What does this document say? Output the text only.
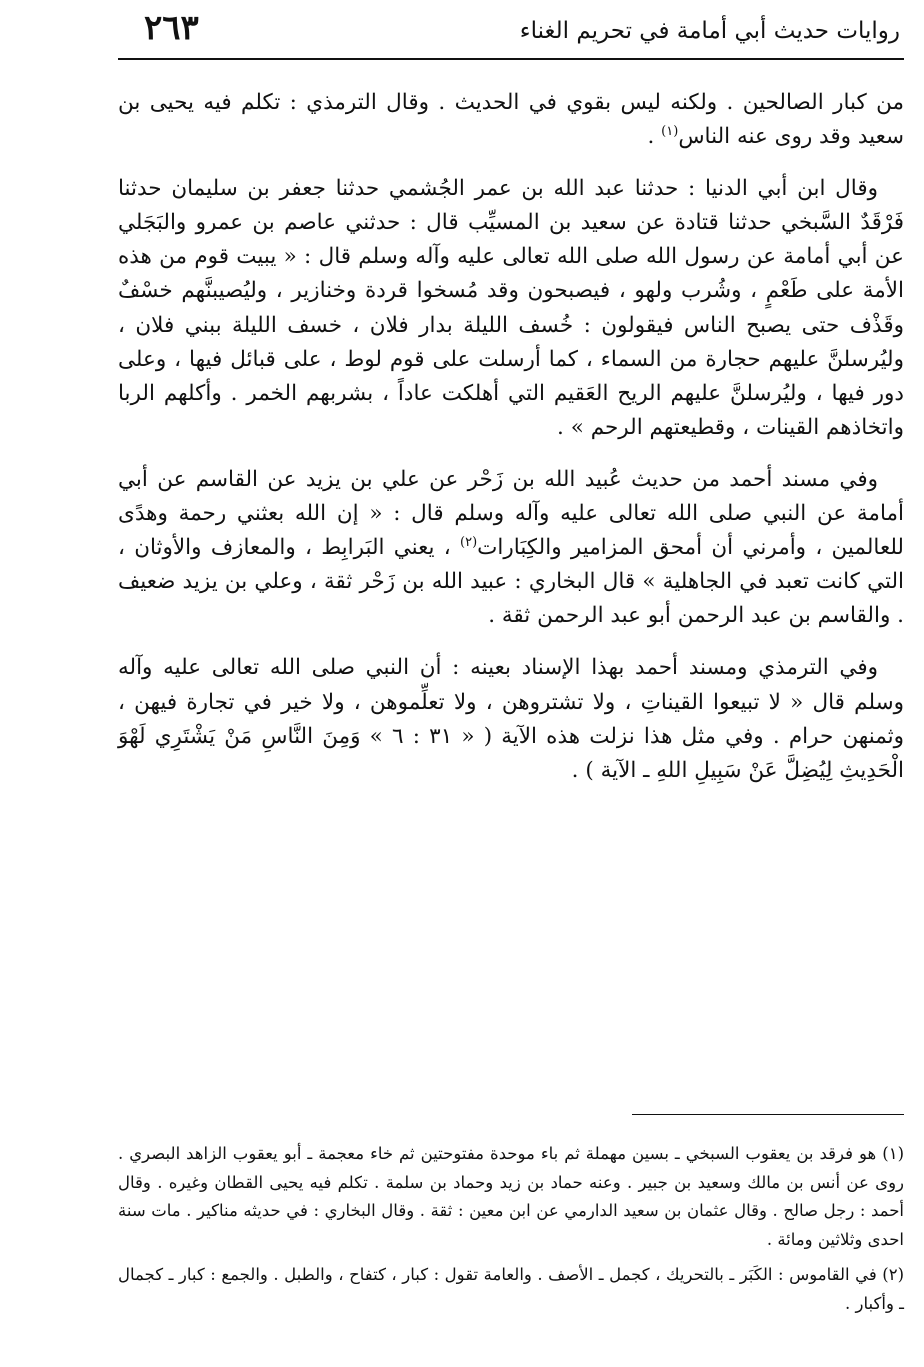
٢٦٣	روايات حديث أبي أمامة في تحريم الغناء

من كبار الصالحين . ولكنه ليس بقوي في الحديث . وقال الترمذي : تكلم فيه يحيى بن سعيد وقد روى عنه الناس$^{(١)}$ .

وقال ابن أبي الدنيا : حدثنا عبد الله بن عمر الجُشمي حدثنا جعفر بن سليمان حدثنا فَرْقَدٌ السَّبخي حدثنا قتادة عن سعيد بن المسيِّب قال : حدثني عاصم بن عمرو والبَجَلي عن أبي أمامة عن رسول الله صلى الله تعالى عليه وآله وسلم قال : « يبيت قوم من هذه الأمة على طَعْمٍ ، وشُرب ولهو ، فيصبحون وقد مُسخوا قردة وخنازير ، وليُصيبنَّهم خسْفٌ وقَذْف حتى يصبح الناس فيقولون : خُسف الليلة بدار فلان ، خسف الليلة ببني فلان ، وليُرسلنَّ عليهم حجارة من السماء ، كما أرسلت على قوم لوط ، على قبائل فيها ، وعلى دور فيها ، وليُرسلنَّ عليهم الريح العَقيم التي أهلكت عاداً ، بشربهم الخمر . وأكلهم الربا واتخاذهم القينات ، وقطيعتهم الرحم » .

وفي مسند أحمد من حديث عُبيد الله بن زَحْر عن علي بن يزيد عن القاسم عن أبي أمامة عن النبي صلى الله تعالى عليه وآله وسلم قال : « إن الله بعثني رحمة وهدًى للعالمين ، وأمرني أن أمحق المزامير والكِبَارات$^{(٢)}$ ، يعني البَرابِط ، والمعازف والأوثان ، التي كانت تعبد في الجاهلية » قال البخاري : عبيد الله بن زَحْر ثقة ، وعلي بن يزيد ضعيف . والقاسم بن عبد الرحمن أبو عبد الرحمن ثقة .

وفي الترمذي ومسند أحمد بهذا الإسناد بعينه : أن النبي صلى الله تعالى عليه وآله وسلم قال « لا تبيعوا القيناتِ ، ولا تشتروهن ، ولا تعلِّموهن ، ولا خير في تجارة فيهن ، وثمنهن حرام . وفي مثل هذا نزلت هذه الآية ( « ٣١ : ٦ » وَمِنَ النَّاسِ مَنْ يَشْتَرِي لَهْوَ الْحَدِيثِ لِيُضِلَّ عَنْ سَبِيلِ اللهِ ـ الآية ) .

(١) هو فرقد بن يعقوب السبخي ـ بسين مهملة ثم باء موحدة مفتوحتين ثم خاء معجمة ـ أبو يعقوب الزاهد البصري . روى عن أنس بن مالك وسعيد بن جبير . وعنه حماد بن زيد وحماد بن سلمة . تكلم فيه يحيى القطان وغيره . وقال أحمد : رجل صالح . وقال عثمان بن سعيد الدارمي عن ابن معين : ثقة . وقال البخاري : في حديثه مناكير . مات سنة احدى وثلاثين ومائة .

(٢) في القاموس : الكَبَر ـ بالتحريك ، كجمل ـ الأصف . والعامة تقول : كبار ، كتفاح ، والطبل . والجمع : كبار ـ كجمال ـ وأكبار .
